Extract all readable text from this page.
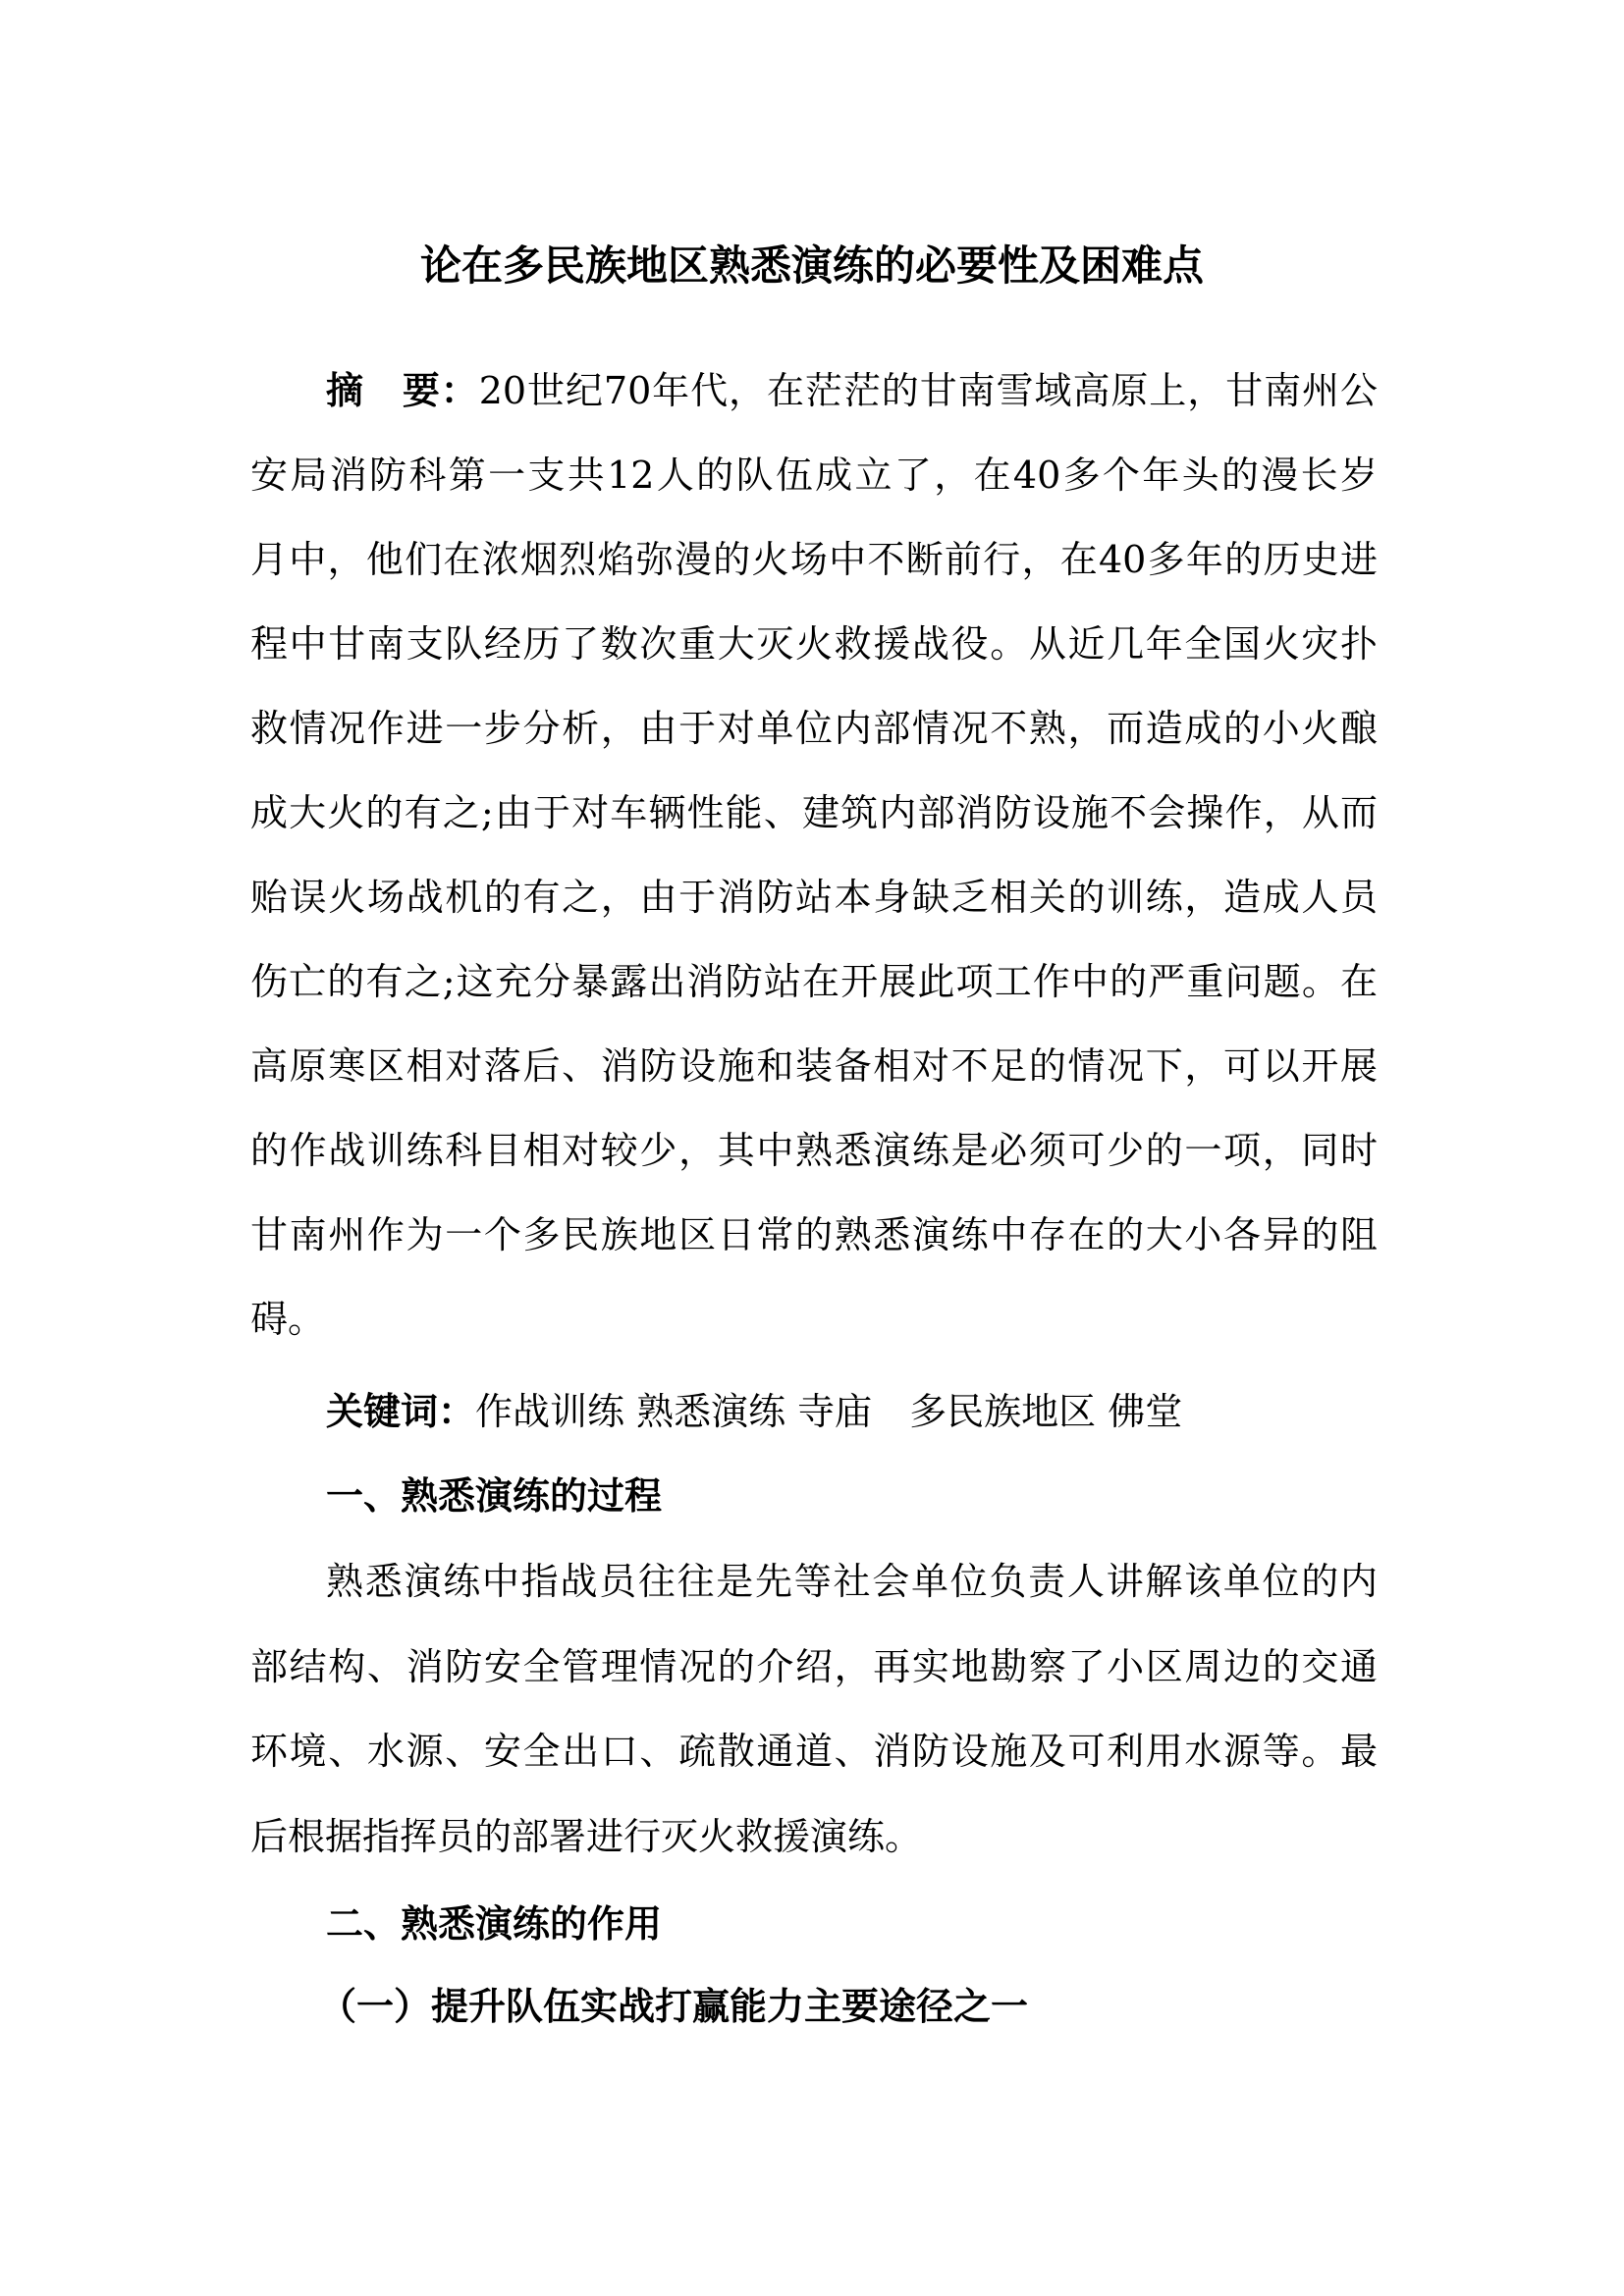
论在多民族地区熟悉演练的必要性及困难点
摘　要：20世纪70年代，在茫茫的甘南雪域高原上，甘南州公
安局消防科第一支共12人的队伍成立了，在40多个年头的漫长岁
月中，他们在浓烟烈焰弥漫的火场中不断前行，在40多年的历史进
程中甘南支队经历了数次重大灭火救援战役。从近几年全国火灾扑
救情况作进一步分析，由于对单位内部情况不熟，而造成的小火酿
成大火的有之;由于对车辆性能、建筑内部消防设施不会操作，从而
贻误火场战机的有之，由于消防站本身缺乏相关的训练，造成人员
伤亡的有之;这充分暴露出消防站在开展此项工作中的严重问题。在
高原寒区相对落后、消防设施和装备相对不足的情况下，可以开展
的作战训练科目相对较少，其中熟悉演练是必须可少的一项，同时
甘南州作为一个多民族地区日常的熟悉演练中存在的大小各异的阻
碍。
关键词：作战训练 熟悉演练 寺庙　多民族地区 佛堂
一、熟悉演练的过程
熟悉演练中指战员往往是先等社会单位负责人讲解该单位的内
部结构、消防安全管理情况的介绍，再实地勘察了小区周边的交通
环境、水源、安全出口、疏散通道、消防设施及可利用水源等。最
后根据指挥员的部署进行灭火救援演练。
二、熟悉演练的作用
（一）提升队伍实战打赢能力主要途径之一
